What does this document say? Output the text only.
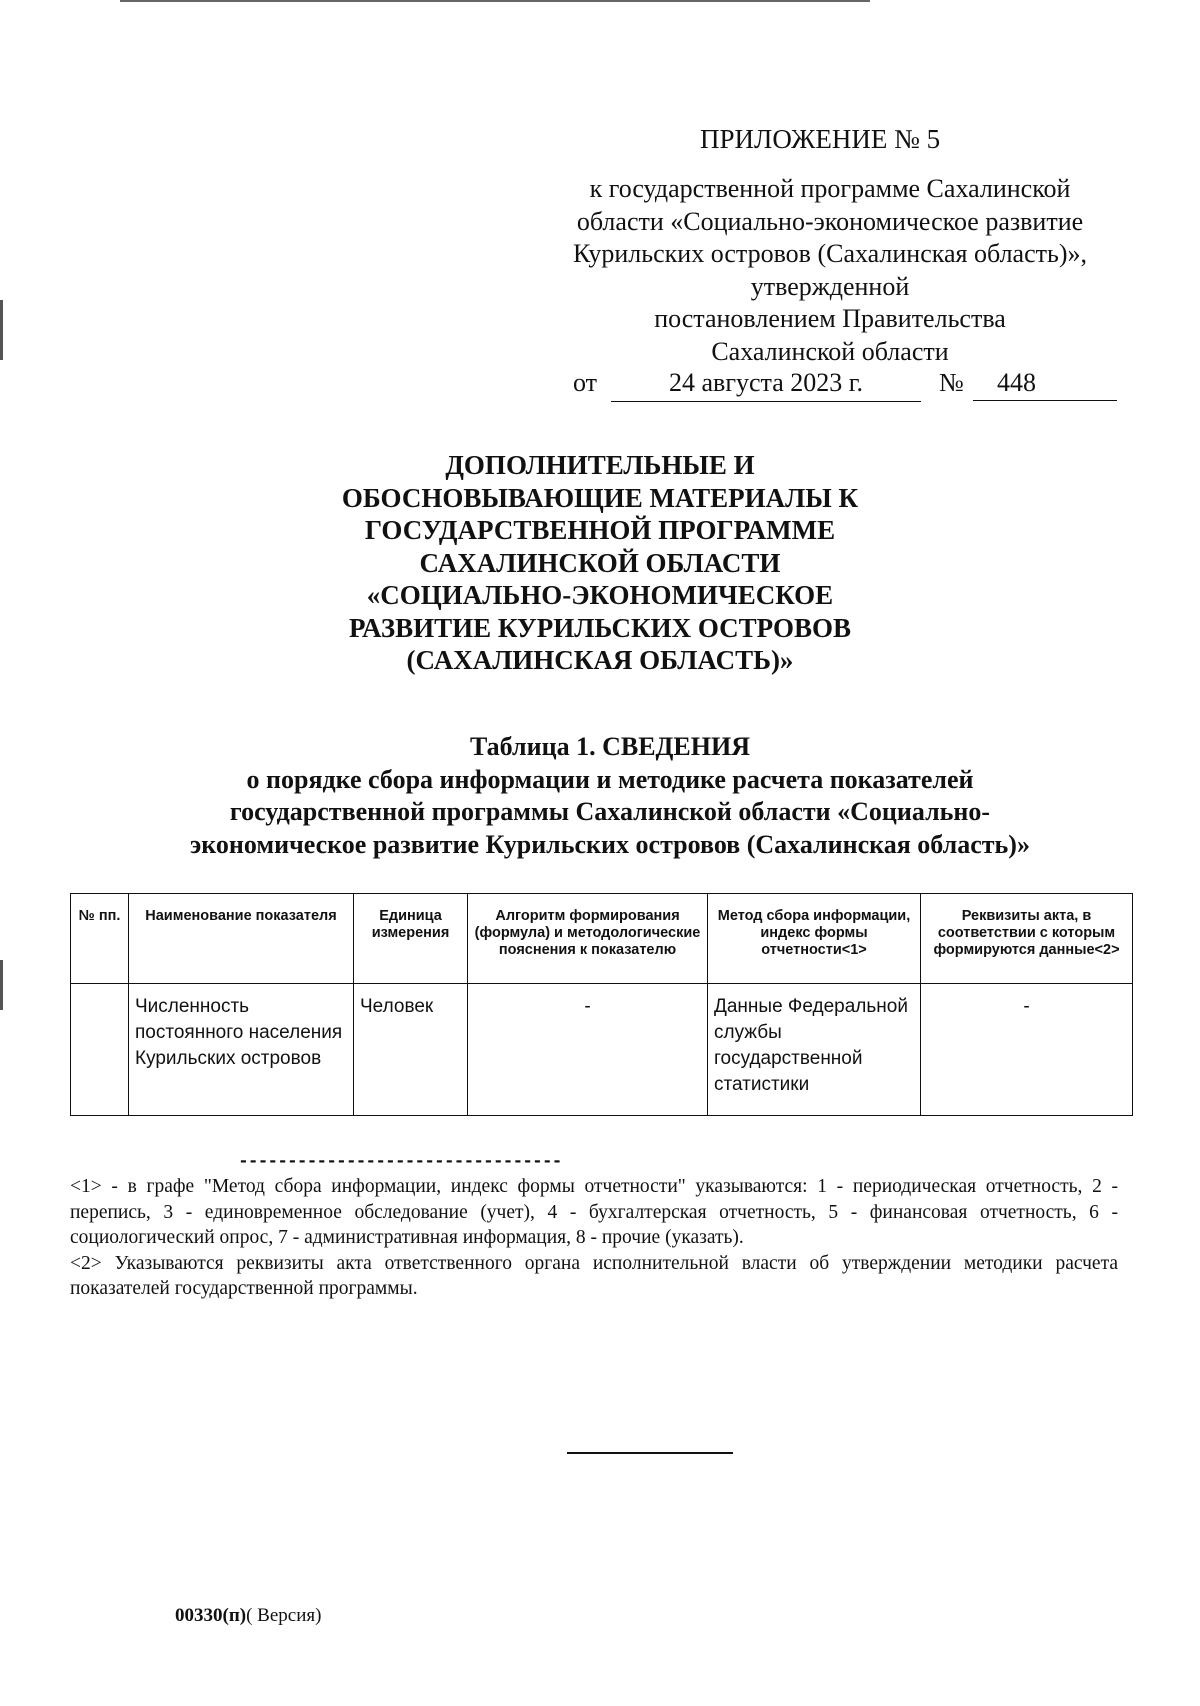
ПРИЛОЖЕНИЕ № 5
к государственной программе Сахалинской
области «Социально-экономическое развитие
Курильских островов (Сахалинская область)»,
утвержденной
постановлением Правительства
Сахалинской области
от	24 августа 2023 г.	№	448
ДОПОЛНИТЕЛЬНЫЕ И
ОБОСНОВЫВАЮЩИЕ МАТЕРИАЛЫ К
ГОСУДАРСТВЕННОЙ ПРОГРАММЕ
САХАЛИНСКОЙ ОБЛАСТИ
«СОЦИАЛЬНО-ЭКОНОМИЧЕСКОЕ
РАЗВИТИЕ КУРИЛЬСКИХ ОСТРОВОВ
(САХАЛИНСКАЯ ОБЛАСТЬ)»
Таблица 1. СВЕДЕНИЯ
о порядке сбора информации и методике расчета показателей
государственной программы Сахалинской области «Социально-
экономическое развитие Курильских островов (Сахалинская область)»
№ пп.	Наименование показателя	Единица измерения	Алгоритм формирования (формула) и методологические пояснения к показателю	Метод сбора информации, индекс формы отчетности<1>	Реквизиты акта, в соответствии с которым формируются данные<2>
	Численность постоянного населения Курильских островов	Человек	-	Данные Федеральной службы государственной статистики	-
---------------------------------

<1> - в графе "Метод сбора информации, индекс формы отчетности" указываются: 1 - периодическая отчетность, 2 - перепись, 3 - единовременное обследование (учет), 4 - бухгалтерская отчетность, 5 - финансовая отчетность, 6 - социологический опрос, 7 - административная информация, 8 - прочие (указать).

<2> Указываются реквизиты акта ответственного органа исполнительной власти об утверждении методики расчета показателей государственной программы.

00330(п)( Версия)
